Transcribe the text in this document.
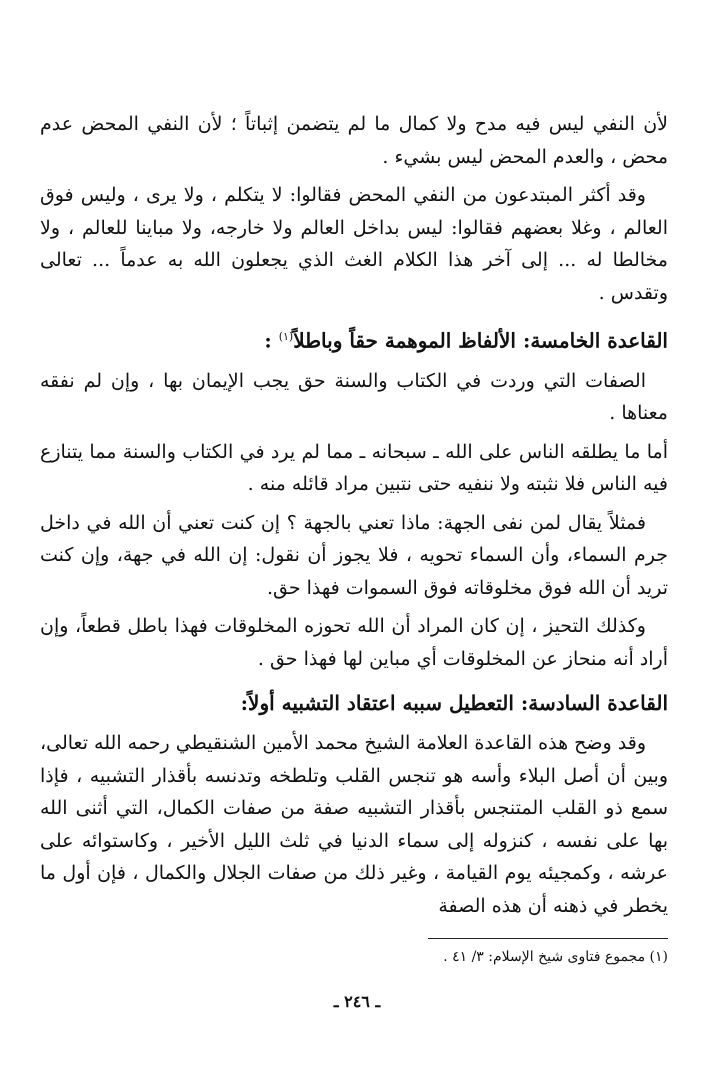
لأن النفي ليس فيه مدح ولا كمال ما لم يتضمن إثباتاً ؛ لأن النفي المحض عدم محض ، والعدم المحض ليس بشيء .

وقد أكثر المبتدعون من النفي المحض فقالوا: لا يتكلم ، ولا يرى ، وليس فوق العالم ، وغلا بعضهم فقالوا: ليس بداخل العالم ولا خارجه، ولا مباينا للعالم ، ولا مخالطا له ... إلى آخر هذا الكلام الغث الذي يجعلون الله به عدماً ... تعالى وتقدس .

القاعدة الخامسة: الألفاظ الموهمة حقاً وباطلاً$^{(١)}$ :

الصفات التي وردت في الكتاب والسنة حق يجب الإيمان بها ، وإن لم نفقه معناها .

أما ما يطلقه الناس على الله ـ سبحانه ـ مما لم يرد في الكتاب والسنة مما يتنازع فيه الناس فلا نثبته ولا ننفيه حتى نتبين مراد قائله منه .

فمثلاً يقال لمن نفى الجهة: ماذا تعني بالجهة ؟ إن كنت تعني أن الله في داخل جرم السماء، وأن السماء تحويه ، فلا يجوز أن نقول: إن الله في جهة، وإن كنت تريد أن الله فوق مخلوقاته فوق السموات فهذا حق.

وكذلك التحيز ، إن كان المراد أن الله تحوزه المخلوقات فهذا باطل قطعاً، وإن أراد أنه منحاز عن المخلوقات أي مباين لها فهذا حق .

القاعدة السادسة: التعطيل سببه اعتقاد التشبيه أولاً:

وقد وضح هذه القاعدة العلامة الشيخ محمد الأمين الشنقيطي رحمه الله تعالى، وبين أن أصل البلاء وأسه هو تنجس القلب وتلطخه وتدنسه بأقذار التشبيه ، فإذا سمع ذو القلب المتنجس بأقذار التشبيه صفة من صفات الكمال، التي أثنى الله بها على نفسه ، كنزوله إلى سماء الدنيا في ثلث الليل الأخير ، وكاستوائه على عرشه ، وكمجيئه يوم القيامة ، وغير ذلك من صفات الجلال والكمال ، فإن أول ما يخطر في ذهنه أن هذه الصفة

(١) مجموع فتاوى شيخ الإسلام: ٣/ ٤١ .
ـ ٢٤٦ ـ
